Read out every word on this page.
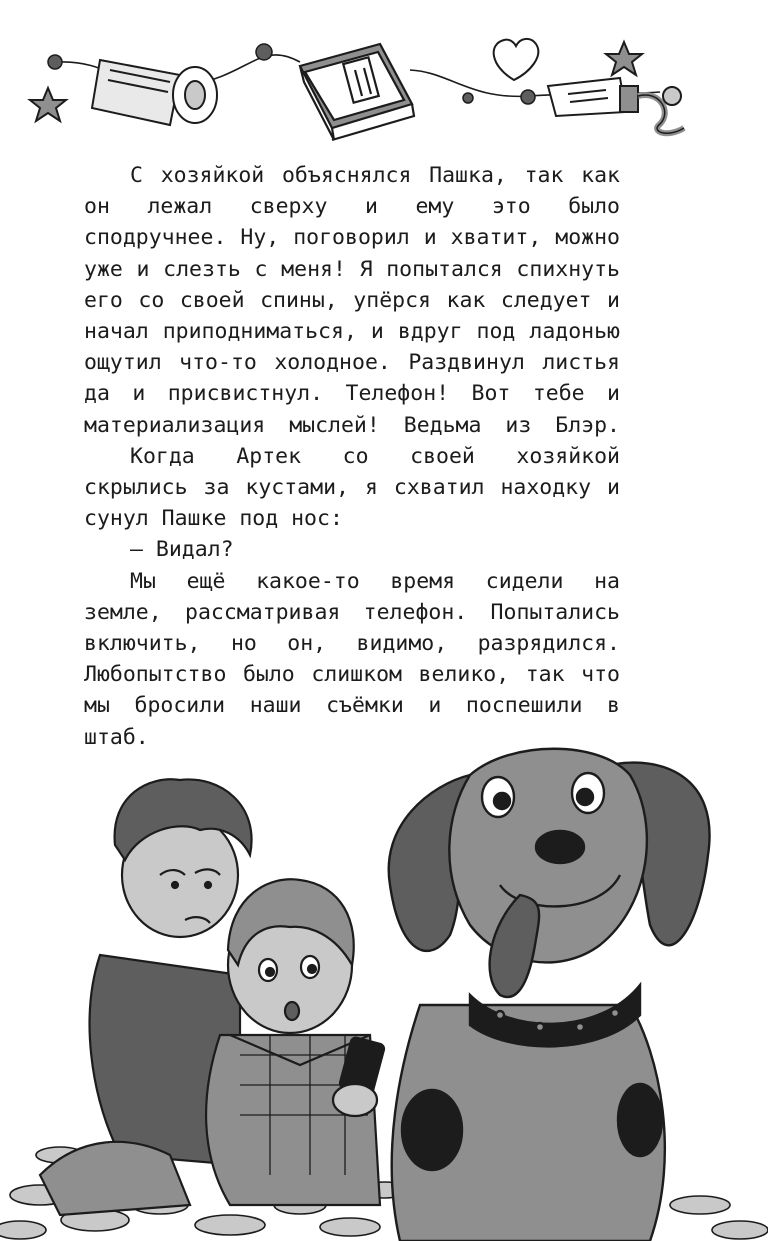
С хозяйкой объяснялся Пашка, так как он лежал сверху и ему это было сподручнее. Ну, поговорил и хватит, можно уже и слезть с меня! Я попытался спихнуть его со своей спины, упёрся как следует и начал приподниматься, и вдруг под ладонью ощутил что-то холодное. Раздвинул листья да и присвистнул. Телефон! Вот тебе и материализация мыслей! Ведьма из Блэр.

Когда Артек со своей хозяйкой скрылись за кустами, я схватил находку и сунул Пашке под нос:

— Видал?

Мы ещё какое-то время сидели на земле, рассматривая телефон. Попытались включить, но он, видимо, разрядился. Любопытство было слишком велико, так что мы бросили наши съёмки и поспешили в штаб.
